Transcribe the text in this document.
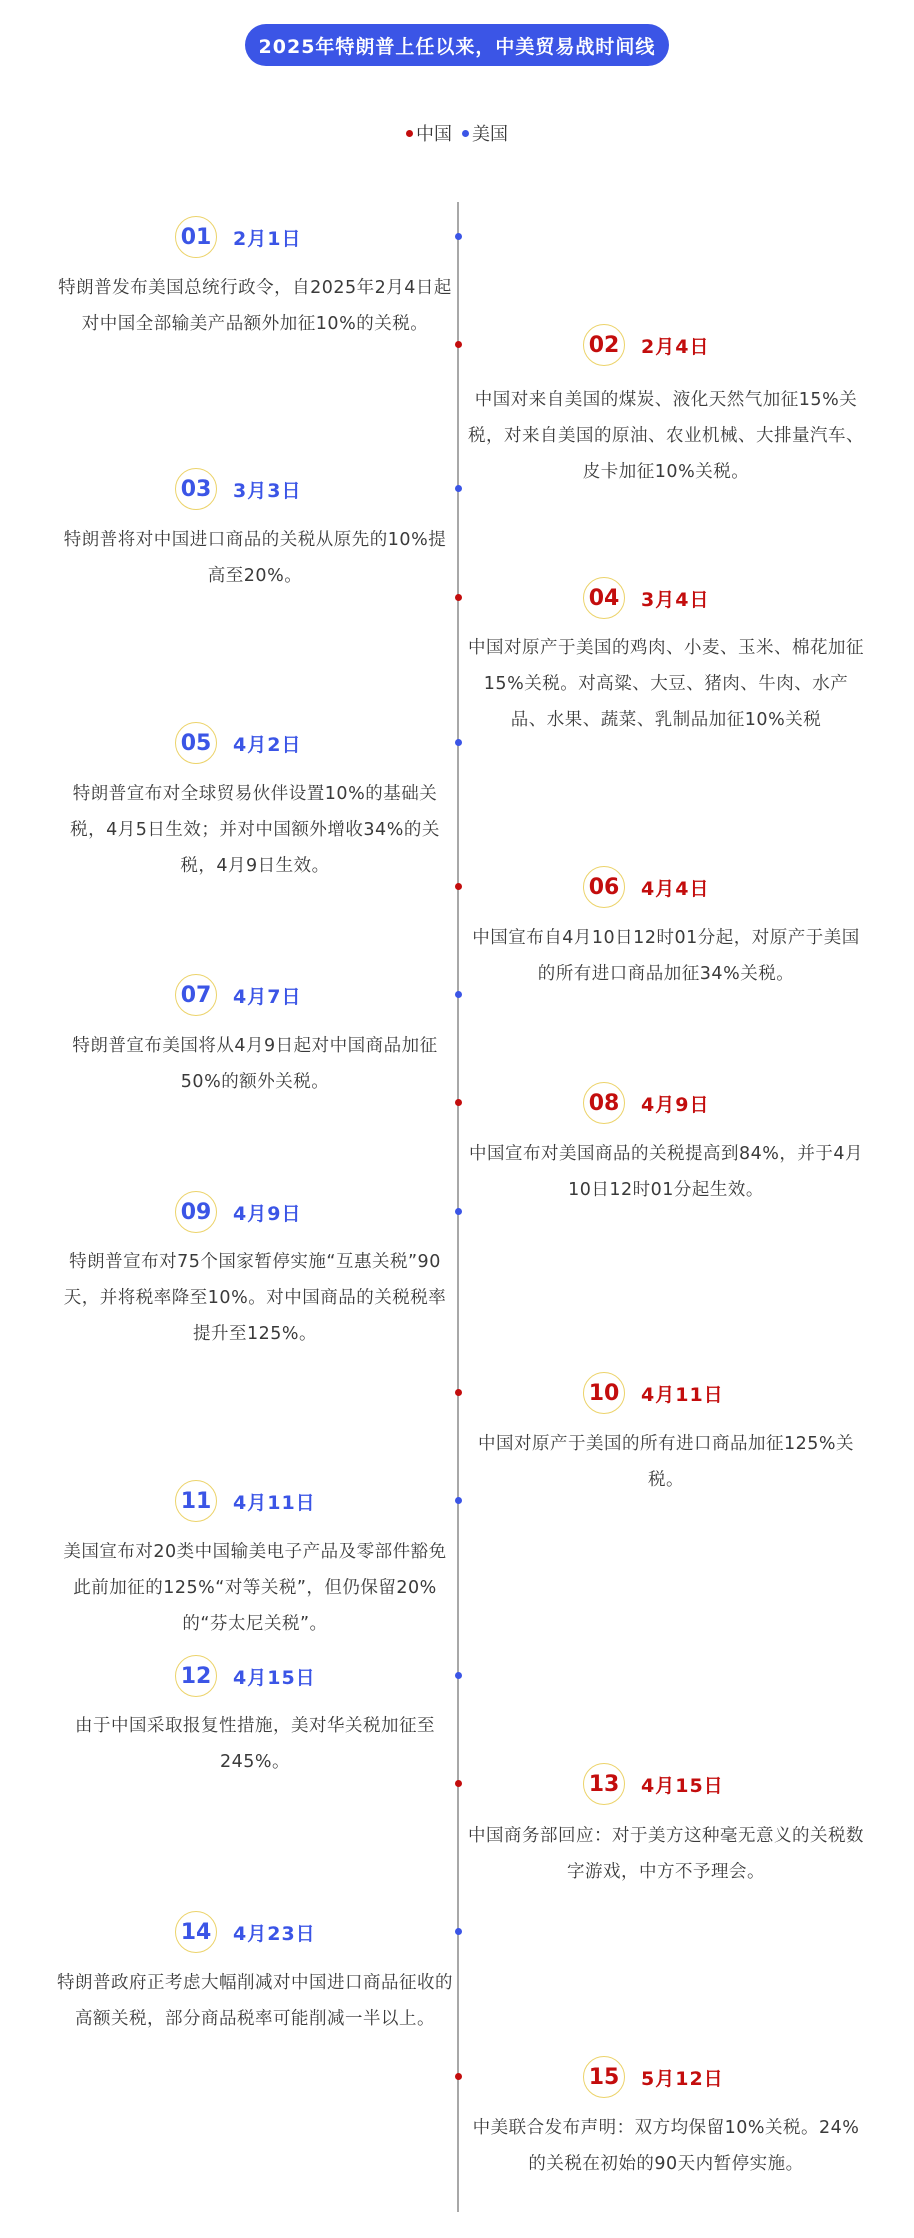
2025年特朗普上任以来，中美贸易战时间线
中国 美国
01 2月1日
特朗普发布美国总统行政令，自2025年2月4日起对中国全部输美产品额外加征10%的关税。
02 2月4日
中国对来自美国的煤炭、液化天然气加征15%关税，对来自美国的原油、农业机械、大排量汽车、皮卡加征10%关税。
03 3月3日
特朗普将对中国进口商品的关税从原先的10%提高至20%。
04 3月4日
中国对原产于美国的鸡肉、小麦、玉米、棉花加征15%关税。对高粱、大豆、猪肉、牛肉、水产品、水果、蔬菜、乳制品加征10%关税
05 4月2日
特朗普宣布对全球贸易伙伴设置10%的基础关税，4月5日生效；并对中国额外增收34%的关税，4月9日生效。
06 4月4日
中国宣布自4月10日12时01分起，对原产于美国的所有进口商品加征34%关税。
07 4月7日
特朗普宣布美国将从4月9日起对中国商品加征50%的额外关税。
08 4月9日
中国宣布对美国商品的关税提高到84%，并于4月10日12时01分起生效。
09 4月9日
特朗普宣布对75个国家暂停实施“互惠关税”90天，并将税率降至10%。对中国商品的关税税率提升至125%。
10 4月11日
中国对原产于美国的所有进口商品加征125%关税。
11 4月11日
美国宣布对20类中国输美电子产品及零部件豁免此前加征的125%“对等关税”，但仍保留20%的“芬太尼关税”。
12 4月15日
由于中国采取报复性措施，美对华关税加征至245%。
13 4月15日
中国商务部回应：对于美方这种毫无意义的关税数字游戏，中方不予理会。
14 4月23日
特朗普政府正考虑大幅削减对中国进口商品征收的高额关税，部分商品税率可能削减一半以上。
15 5月12日
中美联合发布声明：双方均保留10%关税。24%的关税在初始的90天内暂停实施。
